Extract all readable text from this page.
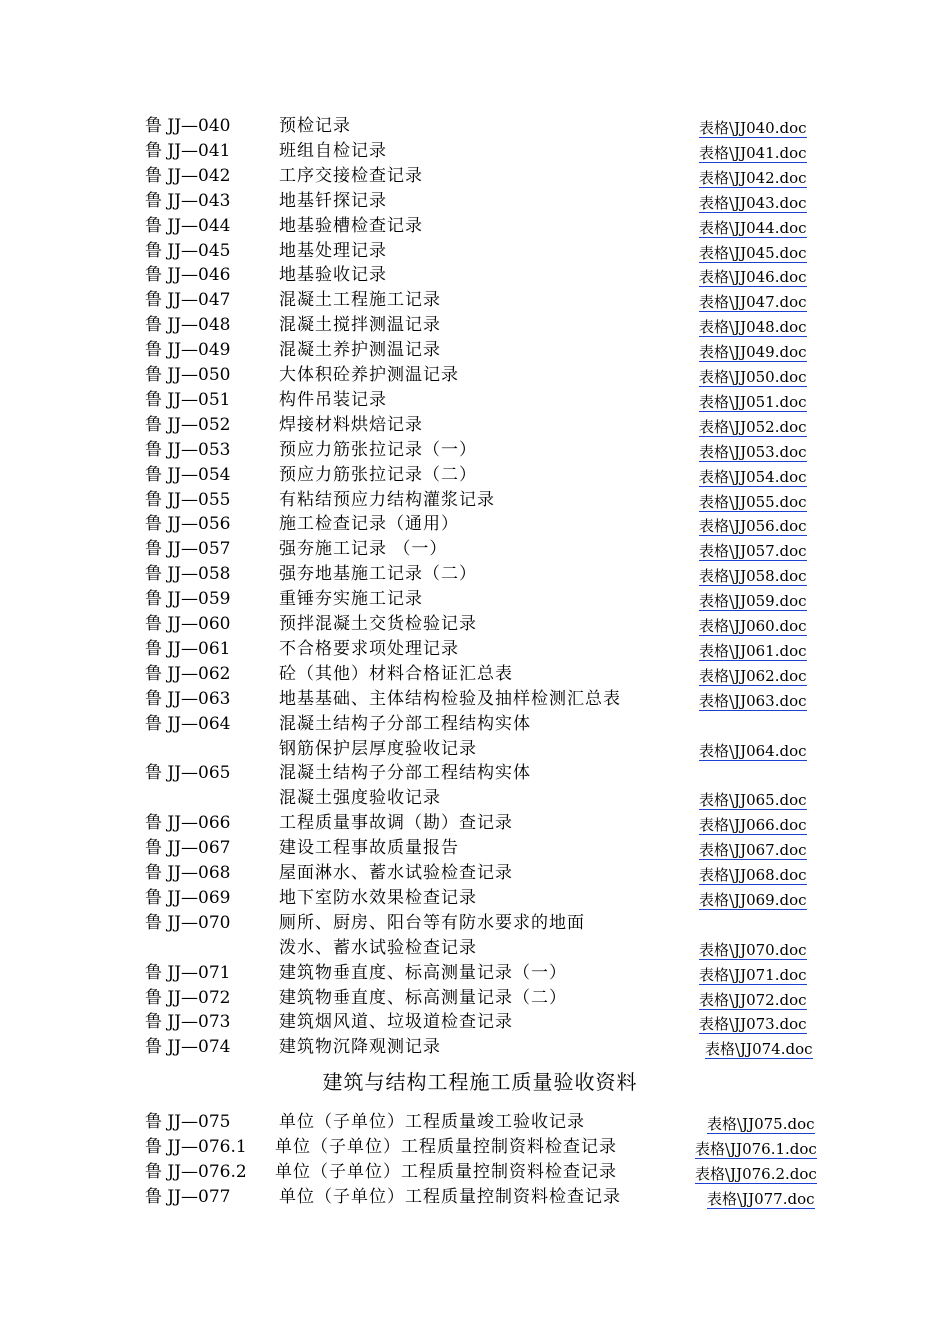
鲁 JJ—040	预检记录	表格\JJ040.doc
鲁 JJ—041	班组自检记录	表格\JJ041.doc
鲁 JJ—042	工序交接检查记录	表格\JJ042.doc
鲁 JJ—043	地基钎探记录	表格\JJ043.doc
鲁 JJ—044	地基验槽检查记录	表格\JJ044.doc
鲁 JJ—045	地基处理记录	表格\JJ045.doc
鲁 JJ—046	地基验收记录	表格\JJ046.doc
鲁 JJ—047	混凝土工程施工记录	表格\JJ047.doc
鲁 JJ—048	混凝土搅拌测温记录	表格\JJ048.doc
鲁 JJ—049	混凝土养护测温记录	表格\JJ049.doc
鲁 JJ—050	大体积砼养护测温记录	表格\JJ050.doc
鲁 JJ—051	构件吊装记录	表格\JJ051.doc
鲁 JJ—052	焊接材料烘焙记录	表格\JJ052.doc
鲁 JJ—053	预应力筋张拉记录（一）	表格\JJ053.doc
鲁 JJ—054	预应力筋张拉记录（二）	表格\JJ054.doc
鲁 JJ—055	有粘结预应力结构灌浆记录	表格\JJ055.doc
鲁 JJ—056	施工检查记录（通用）	表格\JJ056.doc
鲁 JJ—057	强夯施工记录 （一）	表格\JJ057.doc
鲁 JJ—058	强夯地基施工记录（二）	表格\JJ058.doc
鲁 JJ—059	重锤夯实施工记录	表格\JJ059.doc
鲁 JJ—060	预拌混凝土交货检验记录	表格\JJ060.doc
鲁 JJ—061	不合格要求项处理记录	表格\JJ061.doc
鲁 JJ—062	砼（其他）材料合格证汇总表	表格\JJ062.doc
鲁 JJ—063	地基基础、主体结构检验及抽样检测汇总表	表格\JJ063.doc
鲁 JJ—064	混凝土结构子分部工程结构实体
钢筋保护层厚度验收记录	表格\JJ064.doc
鲁 JJ—065	混凝土结构子分部工程结构实体
混凝土强度验收记录	表格\JJ065.doc
鲁 JJ—066	工程质量事故调（勘）查记录	表格\JJ066.doc
鲁 JJ—067	建设工程事故质量报告	表格\JJ067.doc
鲁 JJ—068	屋面淋水、蓄水试验检查记录	表格\JJ068.doc
鲁 JJ—069	地下室防水效果检查记录	表格\JJ069.doc
鲁 JJ—070	厕所、厨房、阳台等有防水要求的地面
泼水、蓄水试验检查记录	表格\JJ070.doc
鲁 JJ—071	建筑物垂直度、标高测量记录（一）	表格\JJ071.doc
鲁 JJ—072	建筑物垂直度、标高测量记录（二）	表格\JJ072.doc
鲁 JJ—073	建筑烟风道、垃圾道检查记录	表格\JJ073.doc
鲁 JJ—074	建筑物沉降观测记录	表格\JJ074.doc
建筑与结构工程施工质量验收资料
鲁 JJ—075	单位（子单位）工程质量竣工验收记录	表格\JJ075.doc
鲁 JJ—076.1 单位（子单位）工程质量控制资料检查记录	表格\JJ076.1.doc
鲁 JJ—076.2 单位（子单位）工程质量控制资料检查记录	表格\JJ076.2.doc
鲁 JJ—077	单位（子单位）工程质量控制资料检查记录	表格\JJ077.doc
